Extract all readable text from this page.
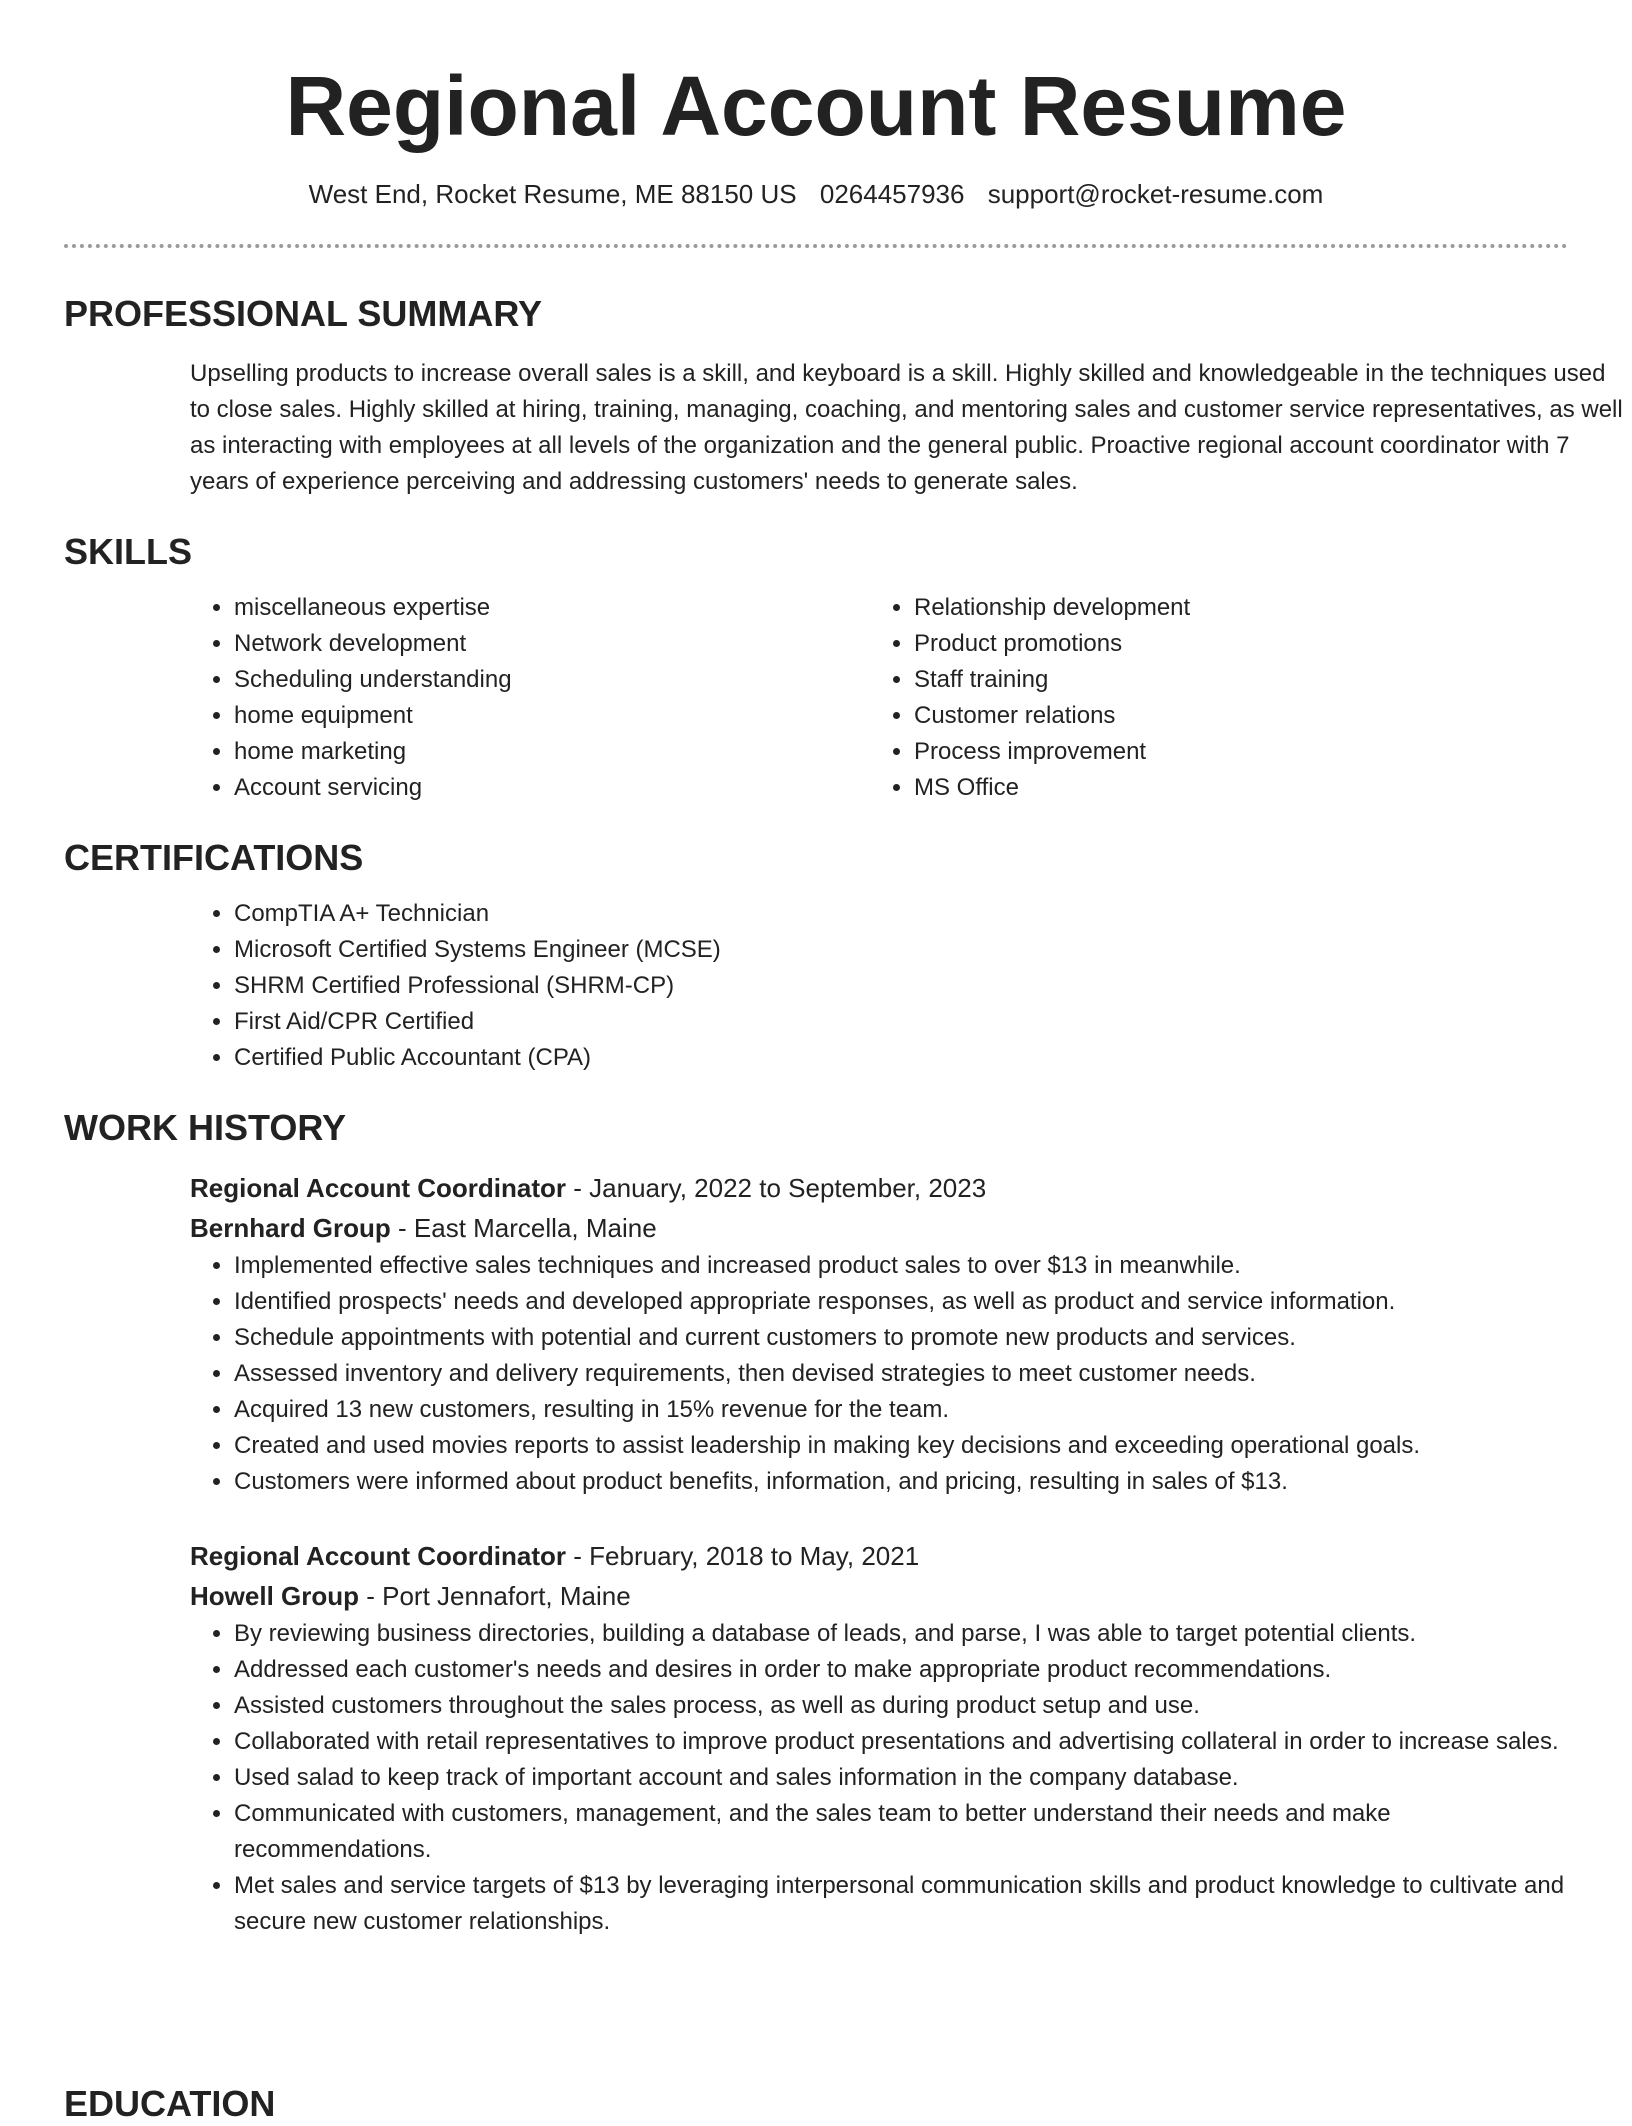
Regional Account Resume
West End, Rocket Resume, ME 88150 US 0264457936 support@rocket-resume.com
PROFESSIONAL SUMMARY

Upselling products to increase overall sales is a skill, and keyboard is a skill. Highly skilled and knowledgeable in the techniques used to close sales. Highly skilled at hiring, training, managing, coaching, and mentoring sales and customer service representatives, as well as interacting with employees at all levels of the organization and the general public. Proactive regional account coordinator with 7 years of experience perceiving and addressing customers' needs to generate sales.

SKILLS
• miscellaneous expertise
• Network development
• Scheduling understanding
• home equipment
• home marketing
• Account servicing
• Relationship development
• Product promotions
• Staff training
• Customer relations
• Process improvement
• MS Office
CERTIFICATIONS
• CompTIA A+ Technician
• Microsoft Certified Systems Engineer (MCSE)
• SHRM Certified Professional (SHRM-CP)
• First Aid/CPR Certified
• Certified Public Accountant (CPA)
WORK HISTORY
Regional Account Coordinator - January, 2022 to September, 2023
Bernhard Group - East Marcella, Maine
• Implemented effective sales techniques and increased product sales to over $13 in meanwhile.
• Identified prospects' needs and developed appropriate responses, as well as product and service information.
• Schedule appointments with potential and current customers to promote new products and services.
• Assessed inventory and delivery requirements, then devised strategies to meet customer needs.
• Acquired 13 new customers, resulting in 15% revenue for the team.
• Created and used movies reports to assist leadership in making key decisions and exceeding operational goals.
• Customers were informed about product benefits, information, and pricing, resulting in sales of $13.
Regional Account Coordinator - February, 2018 to May, 2021
Howell Group - Port Jennafort, Maine
• By reviewing business directories, building a database of leads, and parse, I was able to target potential clients.
• Addressed each customer's needs and desires in order to make appropriate product recommendations.
• Assisted customers throughout the sales process, as well as during product setup and use.
• Collaborated with retail representatives to improve product presentations and advertising collateral in order to increase sales.
• Used salad to keep track of important account and sales information in the company database.
• Communicated with customers, management, and the sales team to better understand their needs and make recommendations.
• Met sales and service targets of $13 by leveraging interpersonal communication skills and product knowledge to cultivate and secure new customer relationships.
EDUCATION
